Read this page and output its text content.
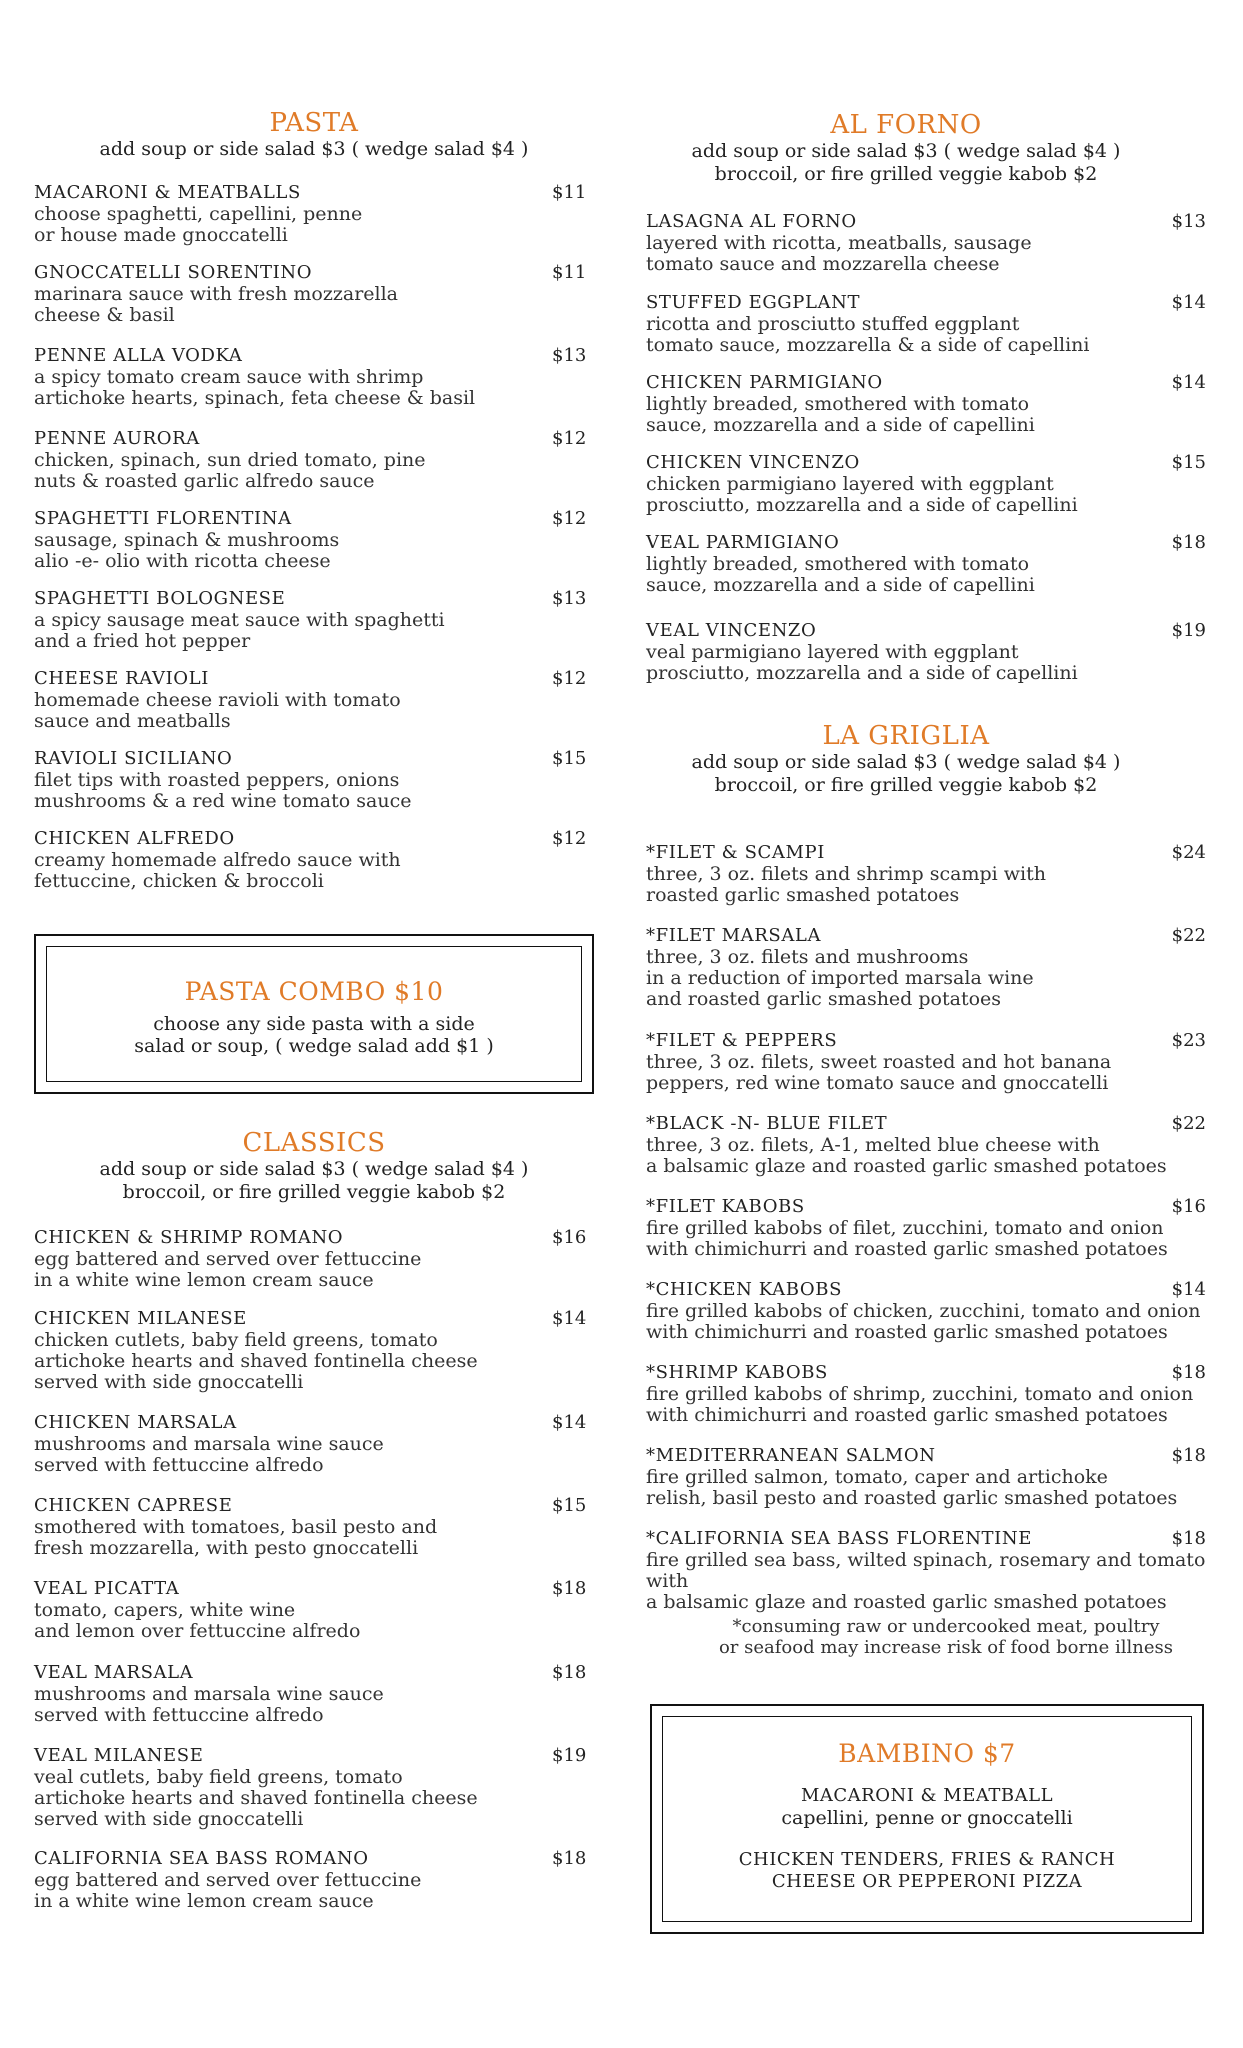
PASTA
add soup or side salad $3 ( wedge salad $4 )
MACARONI & MEATBALLS	$11
choose spaghetti, capellini, penne
or house made gnoccatelli
GNOCCATELLI SORENTINO	$11
marinara sauce with fresh mozzarella
cheese & basil
PENNE ALLA VODKA	$13
a spicy tomato cream sauce with shrimp
artichoke hearts, spinach, feta cheese & basil
PENNE AURORA	$12
chicken, spinach, sun dried tomato, pine
nuts & roasted garlic alfredo sauce
SPAGHETTI FLORENTINA	$12
sausage, spinach & mushrooms
alio -e- olio with ricotta cheese
SPAGHETTI BOLOGNESE	$13
a spicy sausage meat sauce with spaghetti
and a fried hot pepper
CHEESE RAVIOLI	$12
homemade cheese ravioli with tomato
sauce and meatballs
RAVIOLI SICILIANO	$15
filet tips with roasted peppers, onions
mushrooms & a red wine tomato sauce
CHICKEN ALFREDO	$12
creamy homemade alfredo sauce with
fettuccine, chicken & broccoli
PASTA COMBO $10
choose any side pasta with a side
salad or soup, ( wedge salad add $1 )
CLASSICS
add soup or side salad $3 ( wedge salad $4 )
broccoil, or fire grilled veggie kabob $2
CHICKEN & SHRIMP ROMANO	$16
egg battered and served over fettuccine
in a white wine lemon cream sauce
CHICKEN MILANESE	$14
chicken cutlets, baby field greens, tomato
artichoke hearts and shaved fontinella cheese
served with side gnoccatelli
CHICKEN MARSALA	$14
mushrooms and marsala wine sauce
served with fettuccine alfredo
CHICKEN CAPRESE	$15
smothered with tomatoes, basil pesto and
fresh mozzarella, with pesto gnoccatelli
VEAL PICATTA	$18
tomato, capers, white wine
and lemon over fettuccine alfredo
VEAL MARSALA	$18
mushrooms and marsala wine sauce
served with fettuccine alfredo
VEAL MILANESE	$19
veal cutlets, baby field greens, tomato
artichoke hearts and shaved fontinella cheese
served with side gnoccatelli
CALIFORNIA SEA BASS ROMANO	$18
egg battered and served over fettuccine
in a white wine lemon cream sauce
AL FORNO
add soup or side salad $3 ( wedge salad $4 )
broccoil, or fire grilled veggie kabob $2
LASAGNA AL FORNO	$13
layered with ricotta, meatballs, sausage
tomato sauce and mozzarella cheese
STUFFED EGGPLANT	$14
ricotta and prosciutto stuffed eggplant
tomato sauce, mozzarella & a side of capellini
CHICKEN PARMIGIANO	$14
lightly breaded, smothered with tomato
sauce, mozzarella and a side of capellini
CHICKEN VINCENZO	$15
chicken parmigiano layered with eggplant
prosciutto, mozzarella and a side of capellini
VEAL PARMIGIANO	$18
lightly breaded, smothered with tomato
sauce, mozzarella and a side of capellini
VEAL VINCENZO	$19
veal parmigiano layered with eggplant
prosciutto, mozzarella and a side of capellini
LA GRIGLIA
add soup or side salad $3 ( wedge salad $4 )
broccoil, or fire grilled veggie kabob $2
*FILET & SCAMPI	$24
three, 3 oz. filets and shrimp scampi with
roasted garlic smashed potatoes
*FILET MARSALA	$22
three, 3 oz. filets and mushrooms
in a reduction of imported marsala wine
and roasted garlic smashed potatoes
*FILET & PEPPERS	$23
three, 3 oz. filets, sweet roasted and hot banana
peppers, red wine tomato sauce and gnoccatelli
*BLACK -N- BLUE FILET	$22
three, 3 oz. filets, A-1, melted blue cheese with
a balsamic glaze and roasted garlic smashed potatoes
*FILET KABOBS	$16
fire grilled kabobs of filet, zucchini, tomato and onion
with chimichurri and roasted garlic smashed potatoes
*CHICKEN KABOBS	$14
fire grilled kabobs of chicken, zucchini, tomato and onion
with chimichurri and roasted garlic smashed potatoes
*SHRIMP KABOBS	$18
fire grilled kabobs of shrimp, zucchini, tomato and onion
with chimichurri and roasted garlic smashed potatoes
*MEDITERRANEAN SALMON	$18
fire grilled salmon, tomato, caper and artichoke
relish, basil pesto and roasted garlic smashed potatoes
*CALIFORNIA SEA BASS FLORENTINE	$18
fire grilled sea bass, wilted spinach, rosemary and tomato with
a balsamic glaze and roasted garlic smashed potatoes
*consuming raw or undercooked meat, poultry
or seafood may increase risk of food borne illness
BAMBINO $7
MACARONI & MEATBALL
capellini, penne or gnoccatelli
CHICKEN TENDERS, FRIES & RANCH
CHEESE OR PEPPERONI PIZZA
